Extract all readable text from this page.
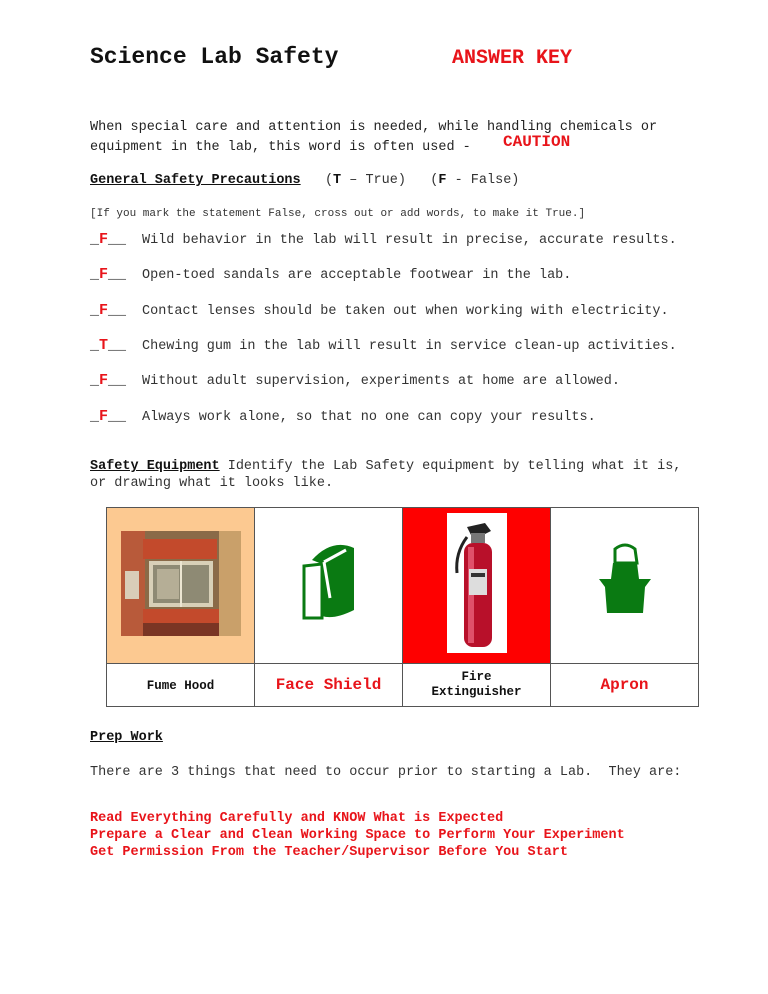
Science Lab Safety	ANSWER KEY
When special care and attention is needed, while handling chemicals or equipment in the lab, this word is often used -	CAUTION
General Safety Precautions   (T – True)   (F - False)
[If you mark the statement False, cross out or add words, to make it True.]
_F__ Wild behavior in the lab will result in precise, accurate results.
_F__ Open-toed sandals are acceptable footwear in the lab.
_F__ Contact lenses should be taken out when working with electricity.
_T__ Chewing gum in the lab will result in service clean-up activities.
_F__ Without adult supervision, experiments at home are allowed.
_F__ Always work alone, so that no one can copy your results.
Safety Equipment Identify the Lab Safety equipment by telling what it is, or drawing what it looks like.

Fume Hood	Face Shield	Fire Extinguisher	Apron
Prep Work
There are 3 things that need to occur prior to starting a Lab.  They are:
Read Everything Carefully and KNOW What is Expected
Prepare a Clear and Clean Working Space to Perform Your Experiment
Get Permission From the Teacher/Supervisor Before You Start
